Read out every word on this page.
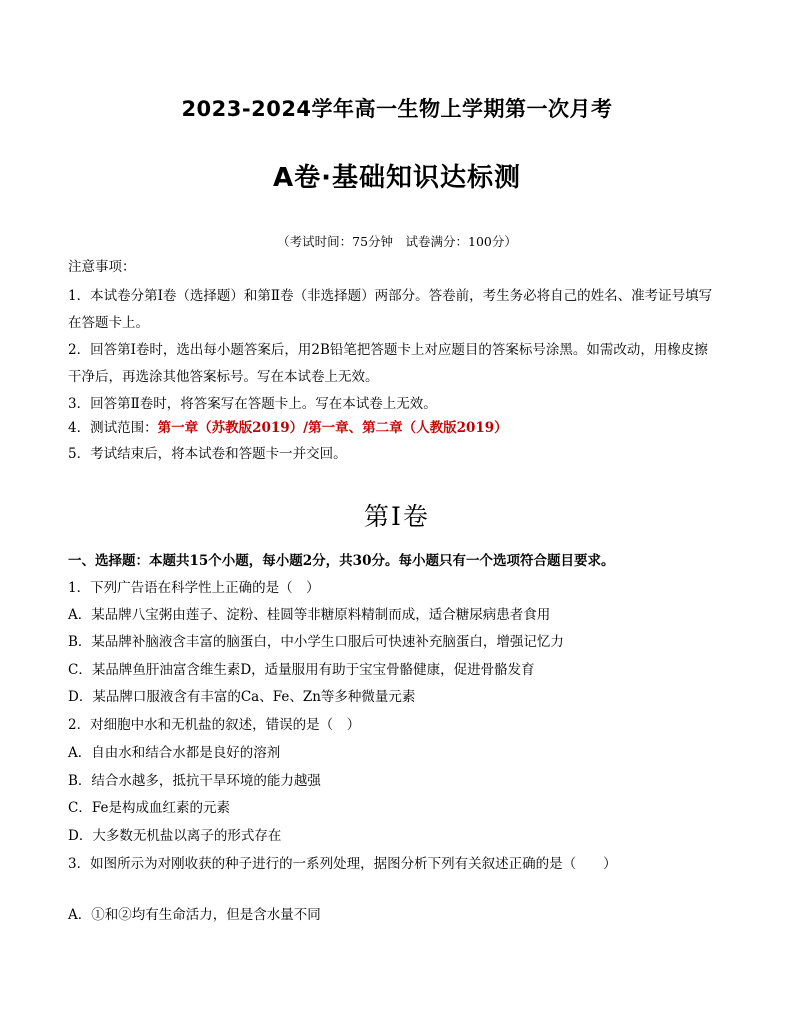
2023-2024学年高一生物上学期第一次月考
A卷·基础知识达标测
（考试时间：75分钟　试卷满分：100分）
注意事项：
1．本试卷分第Ⅰ卷（选择题）和第Ⅱ卷（非选择题）两部分。答卷前，考生务必将自己的姓名、准考证号填写
在答题卡上。
2．回答第Ⅰ卷时，选出每小题答案后，用2B铅笔把答题卡上对应题目的答案标号涂黑。如需改动，用橡皮擦
干净后，再选涂其他答案标号。写在本试卷上无效。
3．回答第Ⅱ卷时，将答案写在答题卡上。写在本试卷上无效。
4．测试范围：第一章（苏教版2019）/第一章、第二章（人教版2019）
5．考试结束后，将本试卷和答题卡一并交回。
第Ⅰ卷
一、选择题：本题共15个小题，每小题2分，共30分。每小题只有一个选项符合题目要求。
1．下列广告语在科学性上正确的是（　）
A．某品牌八宝粥由莲子、淀粉、桂圆等非糖原料精制而成，适合糖尿病患者食用
B．某品牌补脑液含丰富的脑蛋白，中小学生口服后可快速补充脑蛋白，增强记忆力
C．某品牌鱼肝油富含维生素D，适量服用有助于宝宝骨骼健康，促进骨骼发育
D．某品牌口服液含有丰富的Ca、Fe、Zn等多种微量元素
2．对细胞中水和无机盐的叙述，错误的是（　）
A．自由水和结合水都是良好的溶剂
B．结合水越多，抵抗干旱环境的能力越强
C．Fe是构成血红素的元素
D．大多数无机盐以离子的形式存在
3．如图所示为对刚收获的种子进行的一系列处理，据图分析下列有关叙述正确的是（　　）
A．①和②均有生命活力，但是含水量不同
